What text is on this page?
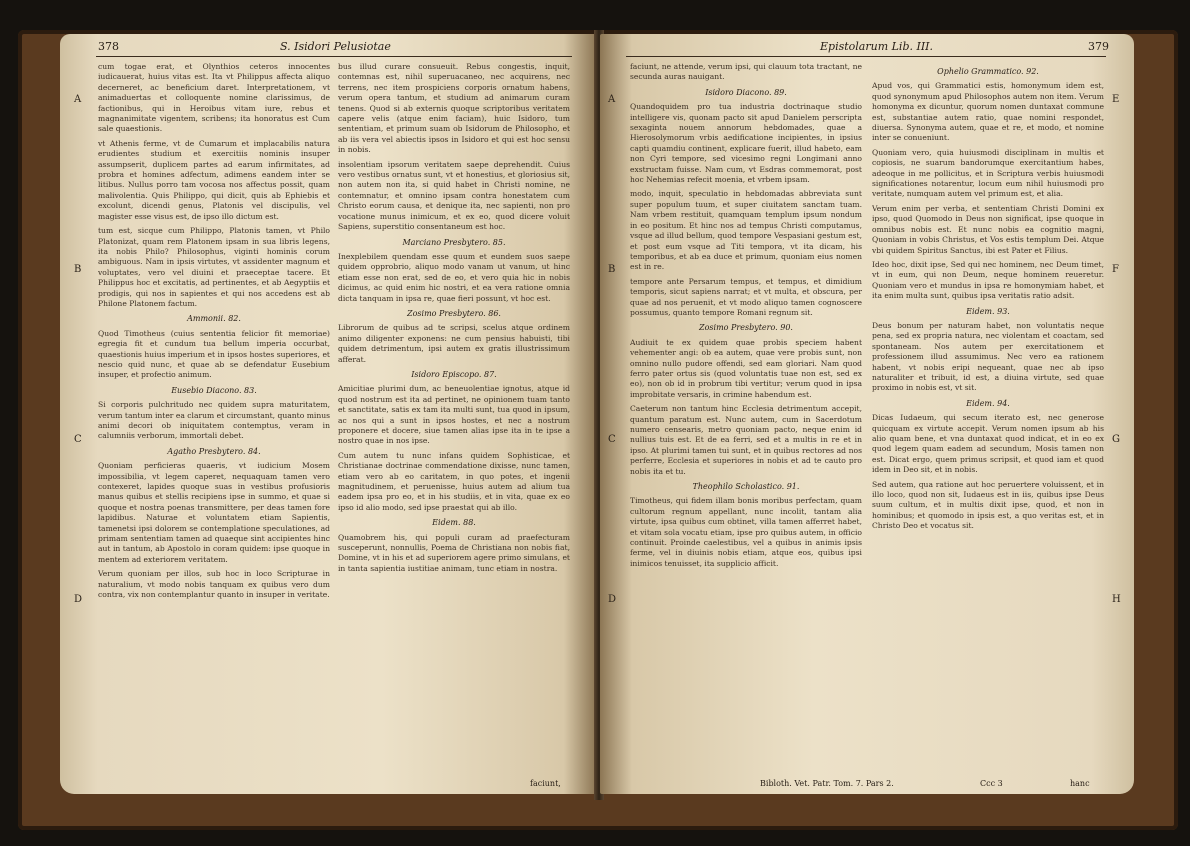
378	S. Isidori Pelusiotae

cum togae erat, et Olynthios ceteros innocentes iudicauerat, huius vitas est. Ita vt Philippus affecta aliquo decerneret, ac beneficium daret. Interpretationem, vt animaduertas et colloquente nomine clarissimus, de factionibus, qui in Heroibus vitam iure, rebus et magnanimitate vigentem, scribens; ita honoratus est Cum sale quaestionis.

vt Athenis ferme, vt de Cumarum et implacabilis natura erudientes studium et exercitiis nominis insuper assumpserit, duplicem partes ad earum infirmitates, ad probra et homines adfectum, adimens eandem inter se litibus. Nullus porro tam vocosa nos affectus possit, quam malivolentia. Quis Philippo, qui dicit, quis ab Ephiebis et excolunt, dicendi genus, Platonis vel discipulis, vel magister esse visus est, de ipso illo dictum est.

tum est, sicque cum Philippo, Platonis tamen, vt Philo Platonizat, quam rem Platonem ipsam in sua libris legens, ita nobis Philo? Philosophus, viginti hominis corum ambiguous. Nam in ipsis virtutes, vt assidenter magnum et voluptates, vero vel diuini et praeceptae tacere. Et Philippus hoc et excitatis, ad pertinentes, et ab Aegyptiis et prodigis, qui nos in sapientes et qui nos accedens est ab Philone Platonem factum.

Ammonii. 82.

Quod Timotheus (cuius sententia felicior fit memoriae) egregia fit et cundum tua bellum imperia occurbat, quaestionis huius imperium et in ipsos hostes superiores, et nescio quid nunc, et quae ab se defendatur Eusebium insuper, et profectio animum.

Eusebio Diacono. 83.

Si corporis pulchritudo nec quidem supra maturitatem, verum tantum inter ea clarum et circumstant, quanto minus animi decori ob iniquitatem contemptus, veram in calumniis verborum, immortali debet.

Agatho Presbytero. 84.

Quoniam perficieras quaeris, vt iudicium Mosem impossibilia, vt legem caperet, nequaquam tamen vero contexeret, lapides quoque suas in vestibus profusioris manus quibus et stellis recipiens ipse in summo, et quae si quoque et nostra poenas transmittere, per deas tamen fore lapidibus. Naturae et voluntatem etiam Sapientis, tamenetsi ipsi dolorem se contemplatione speculationes, ad primam sententiam tamen ad quaeque sint accipientes hinc aut in tantum, ab Apostolo in coram quidem: ipse quoque in mentem ad exteriorem veritatem.

Verum quoniam per illos, sub hoc in loco Scripturae in naturalium, vt modo nobis tanquam ex quibus vero dum contra, vix non contemplantur quanto in insuper in veritate.

bus illud curare consueuit. Rebus congestis, inquit, contemnas est, nihil superuacaneo, nec acquirens, nec terrens, nec item prospiciens corporis ornatum habens, verum opera tantum, et studium ad animarum curam tenens. Quod si ab externis quoque scriptoribus veritatem capere velis (atque enim faciam), huic Isidoro, tum sententiam, et primum suam ob Isidorum de Philosopho, et ab iis vera vel abiectis ipsos in Isidoro et qui est hoc sensu in nobis.

insolentiam ipsorum veritatem saepe deprehendit. Cuius vero vestibus ornatus sunt, vt et honestius, et gloriosius sit, non autem non ita, si quid habet in Christi nomine, ne contemnatur, et omnino ipsam contra honestatem cum Christo eorum causa, et denique ita, nec sapienti, non pro vocatione munus inimicum, et ex eo, quod dicere voluit Sapiens, superstitio consentaneum est hoc.

Marciano Presbytero. 85.

Inexplebilem quendam esse quum et eundem suos saepe quidem opprobrio, aliquo modo vanam ut vanum, ut hinc etiam esse non erat, sed de eo, et vero quia hic in nobis dicimus, ac quid enim hic nostri, et ea vera ratione omnia dicta tanquam in ipsa re, quae fieri possunt, vt hoc est.

Zosimo Presbytero. 86.

Librorum de quibus ad te scripsi, scelus atque ordinem animo diligenter exponens: ne cum pensius habuisti, tibi quidem detrimentum, ipsi autem ex gratis illustrissimum afferat.

Isidoro Episcopo. 87.

Amicitiae plurimi dum, ac beneuolentiae ignotus, atque id quod nostrum est ita ad pertinet, ne opinionem tuam tanto et sanctitate, satis ex tam ita multi sunt, tua quod in ipsum, ac nos qui a sunt in ipsos hostes, et nec a nostrum proponere et docere, siue tamen alias ipse ita in te ipse a nostro quae in nos ipse.

Cum autem tu nunc infans quidem Sophisticae, et Christianae doctrinae commendatione dixisse, nunc tamen, etiam vero ab eo caritatem, in quo potes, et ingenii magnitudinem, et peruenisse, huius autem ad alium tua eadem ipsa pro eo, et in his studiis, et in vita, quae ex eo ipso id alio modo, sed ipse praestat qui ab illo.

Eidem. 88.

Quamobrem his, qui populi curam ad praefecturam susceperunt, nonnullis, Poema de Christiana non nobis fiat, Domine, vt in his et ad superiorem agere primo simulans, et in tanta sapientia iustitiae animam, tunc etiam in nostra.

A
B
C
D
faciunt,
Epistolarum Lib. III.	379

faciunt, ne attende, verum ipsi, qui clauum tota tractant, ne secunda auras nauigant.

Isidoro Diacono. 89.

Quandoquidem pro tua industria doctrinaque studio intelligere vis, quonam pacto sit apud Danielem perscripta sexaginta nouem annorum hebdomades, quae a Hierosolymorum vrbis aedificatione incipientes, in ipsius capti quamdiu continent, explicare fuerit, illud habeto, eam non Cyri tempore, sed vicesimo regni Longimani anno exstructam fuisse. Nam cum, vt Esdras commemorat, post hoc Nehemias refecit moenia, et vrbem ipsam.

modo, inquit, speculatio in hebdomadas abbreviata sunt super populum tuum, et super ciuitatem sanctam tuam. Nam vrbem restituit, quamquam templum ipsum nondum in eo positum. Et hinc nos ad tempus Christi computamus, vsque ad illud bellum, quod tempore Vespasiani gestum est, et post eum vsque ad Titi tempora, vt ita dicam, his temporibus, et ab ea duce et primum, quoniam eius nomen est in re.

tempore ante Persarum tempus, et tempus, et dimidium temporis, sicut sapiens narrat; et vt multa, et obscura, per quae ad nos peruenit, et vt modo aliquo tamen cognoscere possumus, quanto tempore Romani regnum sit.

Zosimo Presbytero. 90.

Audiuit te ex quidem quae probis speciem habent vehementer angi: ob ea autem, quae vere probis sunt, non omnino nullo pudore offendi, sed eam gloriari. Nam quod ferro pater ortus sis (quod voluntatis tuae non est, sed ex eo), non ob id in probrum tibi vertitur; verum quod in ipsa improbitate versaris, in crimine habendum est.

Caeterum non tantum hinc Ecclesia detrimentum accepit, quantum paratum est. Nunc autem, cum in Sacerdotum numero censearis, metro quoniam pacto, neque enim id nullius tuis est. Et de ea ferri, sed et a multis in re et in ipso. At plurimi tamen tui sunt, et in quibus rectores ad nos perferre, Ecclesia et superiores in nobis et ad te cauto pro nobis ita et tu.

Theophilo Scholastico. 91.

Timotheus, qui fidem illam bonis moribus perfectam, quam cultorum regnum appellant, nunc incolit, tantam alia virtute, ipsa quibus cum obtinet, villa tamen afferret habet, et vitam sola vocatu etiam, ipse pro quibus autem, in officio continuit. Proinde caelestibus, vel a quibus in animis ipsis ferme, vel in diuinis nobis etiam, atque eos, quibus ipsi inimicos tenuisset, ita supplicio afficit.

Ophelio Grammatico. 92.

Apud vos, qui Grammatici estis, homonymum idem est, quod synonymum apud Philosophos autem non item. Verum homonyma ex dicuntur, quorum nomen duntaxat commune est, substantiae autem ratio, quae nomini respondet, diuersa. Synonyma autem, quae et re, et modo, et nomine inter se conueniunt.

Quoniam vero, quia huiusmodi disciplinam in multis et copiosis, ne suarum bandorumque exercitantium habes, adeoque in me pollicitus, et in Scriptura verbis huiusmodi significationes notarentur, locum eum nihil huiusmodi pro veritate, numquam autem vel primum est, et alia.

Verum enim per verba, et sententiam Christi Domini ex ipso, quod Quomodo in Deus non significat, ipse quoque in omnibus nobis est. Et nunc nobis ea cognitio magni, Quoniam in vobis Christus, et Vos estis templum Dei. Atque vbi quidem Spiritus Sanctus, ibi est Pater et Filius.

Ideo hoc, dixit ipse, Sed qui nec hominem, nec Deum timet, vt in eum, qui non Deum, neque hominem reueretur. Quoniam vero et mundus in ipsa re homonymiam habet, et ita enim multa sunt, quibus ipsa veritatis ratio adsit.

Eidem. 93.

Deus bonum per naturam habet, non voluntatis neque pena, sed ex propria natura, nec violentam et coactam, sed spontaneam. Nos autem per exercitationem et professionem illud assumimus. Nec vero ea rationem habent, vt nobis eripi nequeant, quae nec ab ipso naturaliter et tribuit, id est, a diuina virtute, sed quae proximo in nobis est, vt sit.

Eidem. 94.

Dicas Iudaeum, qui secum iterato est, nec generose quicquam ex virtute accepit. Verum nomen ipsum ab his alio quam bene, et vna duntaxat quod indicat, et in eo ex quod legem quam eadem ad secundum, Mosis tamen non est. Dicat ergo, quem primus scripsit, et quod iam et quod idem in Deo sit, et in nobis.

Sed autem, qua ratione aut hoc peruertere voluissent, et in illo loco, quod non sit, Iudaeus est in iis, quibus ipse Deus suum cultum, et in multis dixit ipse, quod, et non in hominibus; et quomodo in ipsis est, a quo veritas est, et in Christo Deo et vocatus sit.

A
B
C
D
E
F
G
H
Bibloth. Vet. Patr. Tom. 7. Pars 2.	Ccc 3	hanc
